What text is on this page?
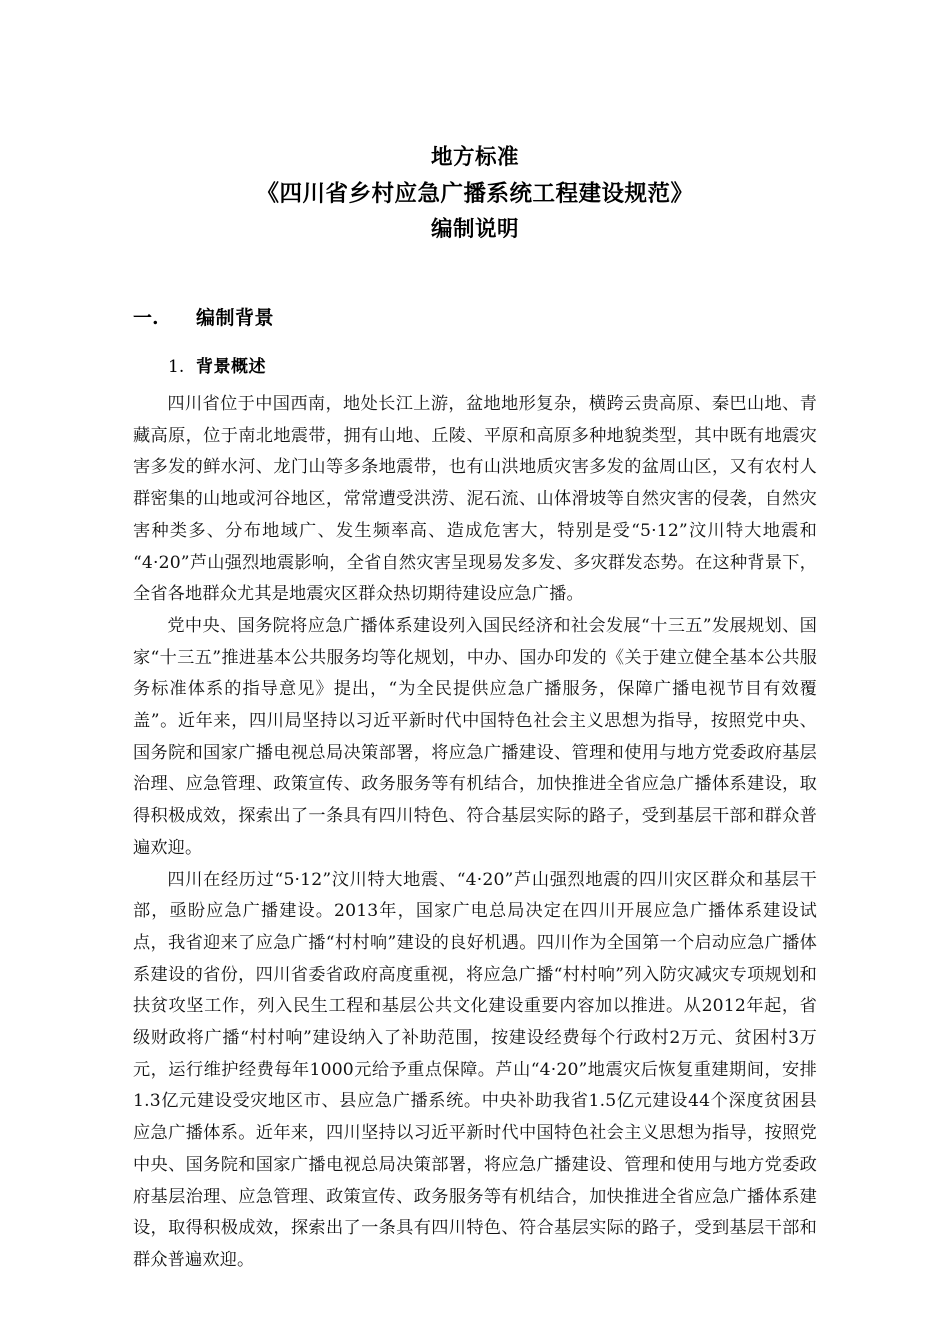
地方标准
《四川省乡村应急广播系统工程建设规范》
编制说明
一. 编制背景
1. 背景概述

四川省位于中国西南，地处长江上游，盆地地形复杂，横跨云贵高原、秦巴山地、青藏高原，位于南北地震带，拥有山地、丘陵、平原和高原多种地貌类型，其中既有地震灾害多发的鲜水河、龙门山等多条地震带，也有山洪地质灾害多发的盆周山区，又有农村人群密集的山地或河谷地区，常常遭受洪涝、泥石流、山体滑坡等自然灾害的侵袭，自然灾害种类多、分布地域广、发生频率高、造成危害大，特别是受“5·12”汶川特大地震和“4·20”芦山强烈地震影响，全省自然灾害呈现易发多发、多灾群发态势。在这种背景下，全省各地群众尤其是地震灾区群众热切期待建设应急广播。

党中央、国务院将应急广播体系建设列入国民经济和社会发展“十三五”发展规划、国家“十三五”推进基本公共服务均等化规划，中办、国办印发的《关于建立健全基本公共服务标准体系的指导意见》提出，“为全民提供应急广播服务，保障广播电视节目有效覆盖”。近年来，四川局坚持以习近平新时代中国特色社会主义思想为指导，按照党中央、国务院和国家广播电视总局决策部署，将应急广播建设、管理和使用与地方党委政府基层治理、应急管理、政策宣传、政务服务等有机结合，加快推进全省应急广播体系建设，取得积极成效，探索出了一条具有四川特色、符合基层实际的路子，受到基层干部和群众普遍欢迎。

四川在经历过“5·12”汶川特大地震、“4·20”芦山强烈地震的四川灾区群众和基层干部，亟盼应急广播建设。2013年，国家广电总局决定在四川开展应急广播体系建设试点，我省迎来了应急广播“村村响”建设的良好机遇。四川作为全国第一个启动应急广播体系建设的省份，四川省委省政府高度重视，将应急广播“村村响”列入防灾减灾专项规划和扶贫攻坚工作，列入民生工程和基层公共文化建设重要内容加以推进。从2012年起，省级财政将广播“村村响”建设纳入了补助范围，按建设经费每个行政村2万元、贫困村3万元，运行维护经费每年1000元给予重点保障。芦山“4·20”地震灾后恢复重建期间，安排1.3亿元建设受灾地区市、县应急广播系统。中央补助我省1.5亿元建设44个深度贫困县应急广播体系。近年来，四川坚持以习近平新时代中国特色社会主义思想为指导，按照党中央、国务院和国家广播电视总局决策部署，将应急广播建设、管理和使用与地方党委政府基层治理、应急管理、政策宣传、政务服务等有机结合，加快推进全省应急广播体系建设，取得积极成效，探索出了一条具有四川特色、符合基层实际的路子，受到基层干部和群众普遍欢迎。
